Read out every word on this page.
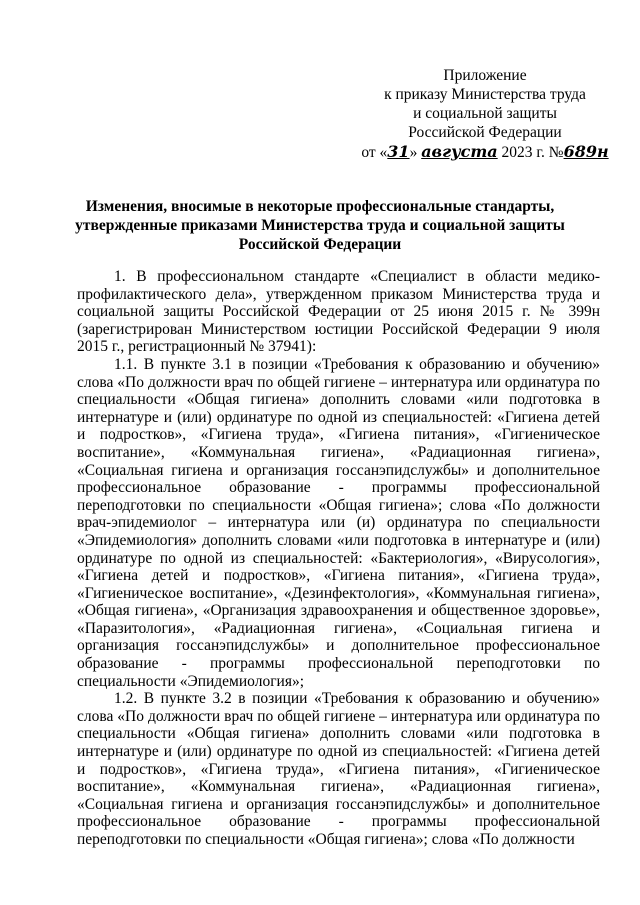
Приложение
к приказу Министерства труда
и социальной защиты
Российской Федерации
от «31» августа 2023 г. №689н
Изменения, вносимые в некоторые профессиональные стандарты,
утвержденные приказами Министерства труда и социальной защиты
Российской Федерации

1. В профессиональном стандарте «Специалист в области медико-профилактического дела», утвержденном приказом Министерства труда и социальной защиты Российской Федерации от 25 июня 2015 г. № 399н (зарегистрирован Министерством юстиции Российской Федерации 9 июля 2015 г., регистрационный № 37941):

1.1. В пункте 3.1 в позиции «Требования к образованию и обучению» слова «По должности врач по общей гигиене – интернатура или ординатура по специальности «Общая гигиена» дополнить словами «или подготовка в интернатуре и (или) ординатуре по одной из специальностей: «Гигиена детей и подростков», «Гигиена труда», «Гигиена питания», «Гигиеническое воспитание», «Коммунальная гигиена», «Радиационная гигиена», «Социальная гигиена и организация госсанэпидслужбы» и дополнительное профессиональное образование - программы профессиональной переподготовки по специальности «Общая гигиена»; слова «По должности врач-эпидемиолог – интернатура или (и) ординатура по специальности «Эпидемиология» дополнить словами «или подготовка в интернатуре и (или) ординатуре по одной из специальностей: «Бактериология», «Вирусология», «Гигиена детей и подростков», «Гигиена питания», «Гигиена труда», «Гигиеническое воспитание», «Дезинфектология», «Коммунальная гигиена», «Общая гигиена», «Организация здравоохранения и общественное здоровье», «Паразитология», «Радиационная гигиена», «Социальная гигиена и организация госсанэпидслужбы» и дополнительное профессиональное образование - программы профессиональной переподготовки по специальности «Эпидемиология»;

1.2. В пункте 3.2 в позиции «Требования к образованию и обучению» слова «По должности врач по общей гигиене – интернатура или ординатура по специальности «Общая гигиена» дополнить словами «или подготовка в интернатуре и (или) ординатуре по одной из специальностей: «Гигиена детей и подростков», «Гигиена труда», «Гигиена питания», «Гигиеническое воспитание», «Коммунальная гигиена», «Радиационная гигиена», «Социальная гигиена и организация госсанэпидслужбы» и дополнительное профессиональное образование - программы профессиональной переподготовки по специальности «Общая гигиена»; слова «По должности
